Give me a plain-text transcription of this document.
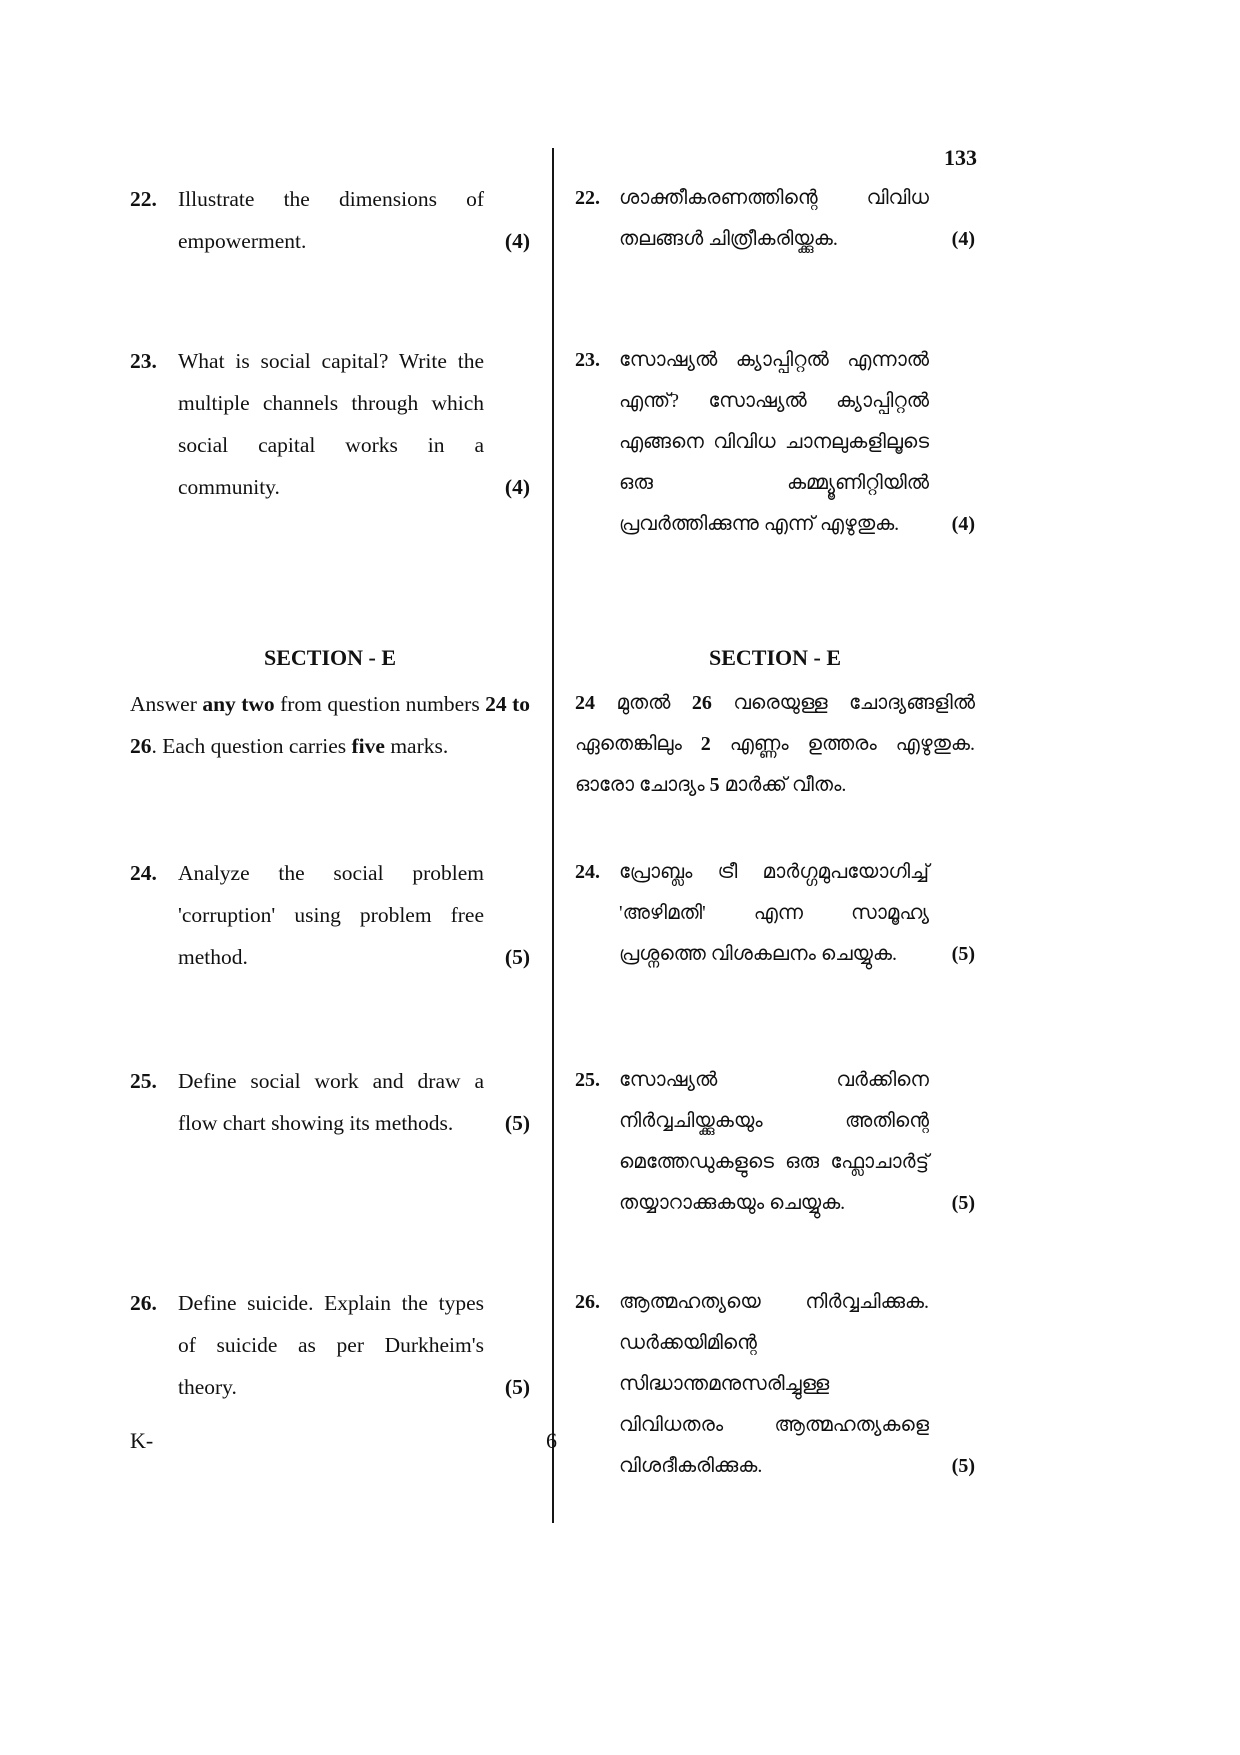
133
22. Illustrate the dimensions of empowerment.	(4)
22. ശാക്തീകരണത്തിന്റെ വിവിധ തലങ്ങൾ ചിത്രീകരിയ്ക്കുക.	(4)
23. What is social capital? Write the multiple channels through which social capital works in a community.	(4)
23. സോഷ്യൽ ക്യാപ്പിറ്റൽ എന്നാൽ എന്ത്? സോഷ്യൽ ക്യാപ്പിറ്റൽ എങ്ങനെ വിവിധ ചാനലുകളിലൂടെ ഒരു കമ്മ്യൂണിറ്റിയിൽ പ്രവർത്തിക്കുന്നു എന്ന് എഴുതുക.	(4)
SECTION - E

Answer any two from question numbers 24 to 26. Each question carries five marks.

SECTION - E

24 മുതൽ 26 വരെയുള്ള ചോദ്യങ്ങളിൽ ഏതെങ്കിലും 2 എണ്ണം ഉത്തരം എഴുതുക. ഓരോ ചോദ്യം 5 മാർക്ക് വീതം.

24. Analyze the social problem 'corruption' using problem free method.	(5)
24. പ്രോബ്ലം ട്രീ മാർഗ്ഗമുപയോഗിച്ച് 'അഴിമതി' എന്ന സാമൂഹ്യ പ്രശ്നത്തെ വിശകലനം ചെയ്യുക.	(5)
25. Define social work and draw a flow chart showing its methods.	(5)
25. സോഷ്യൽ വർക്കിനെ നിർവ്വചിയ്ക്കുകയും അതിന്റെ മെത്തേഡുകളുടെ ഒരു ഫ്ലോചാർട്ട് തയ്യാറാക്കുകയും ചെയ്യുക.	(5)
26. Define suicide. Explain the types of suicide as per Durkheim's theory.	(5)
26. ആത്മഹത്യയെ നിർവ്വചിക്കുക. ഡർക്കയിമിന്റെ സിദ്ധാന്തമനുസരിച്ചുള്ള വിവിധതരം ആത്മഹത്യകളെ വിശദീകരിക്കുക.	(5)
K-	6
